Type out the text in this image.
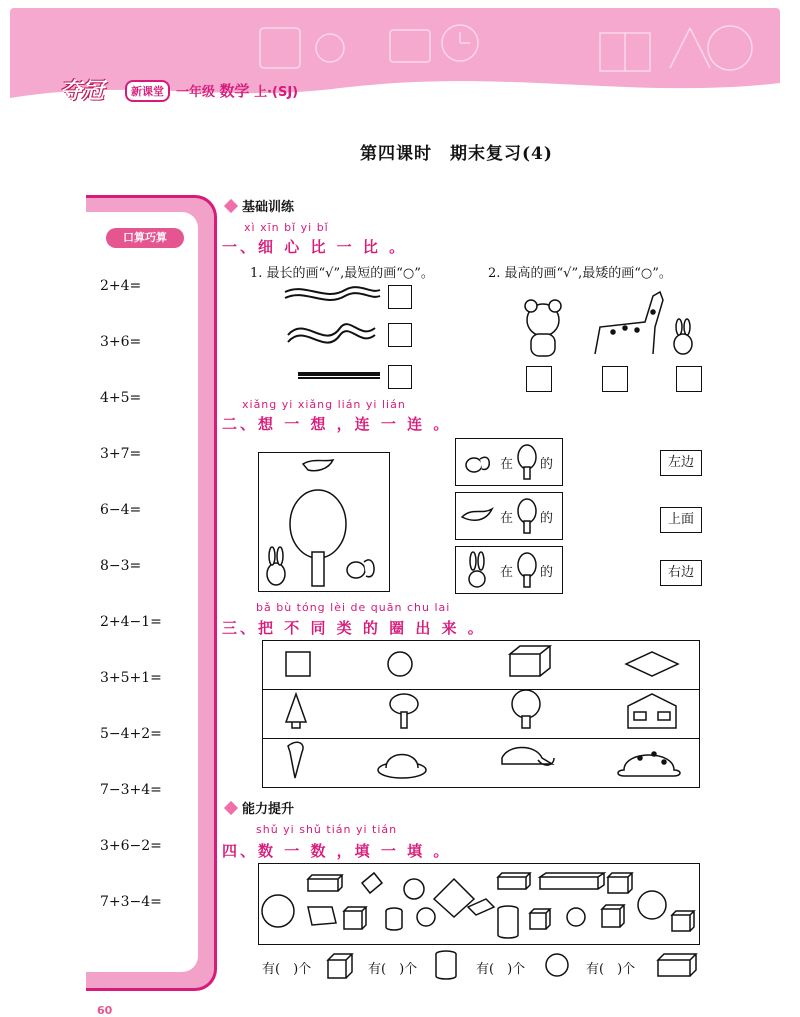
夺冠	新课堂 一年级 数学 上·(SJ)
第四课时　期末复习(4)
口算巧算
2+4=
3+6=
4+5=
3+7=
6−4=
8−3=
2+4−1=
3+5+1=
5−4+2=
7−3+4=
3+6−2=
7+3−4=
基础训练
xì xīn bǐ yi bǐ
一、细 心 比 一 比 。
1. 最长的画“√”,最短的画“○”。	2. 最高的画“√”,最矮的画“○”。
xiǎng yi xiǎng lián yi lián
二、想 一 想 ，连 一 连 。
在 的
在 的
在 的
左边
上面
右边
bǎ bù tóng lèi de quān chu lai
三、把 不 同 类 的 圈 出 来 。
能力提升
shǔ yi shǔ tián yi tián
四、数 一 数 ，填 一 填 。
有(　)个	有(　)个	有(　)个	有(　)个
60
